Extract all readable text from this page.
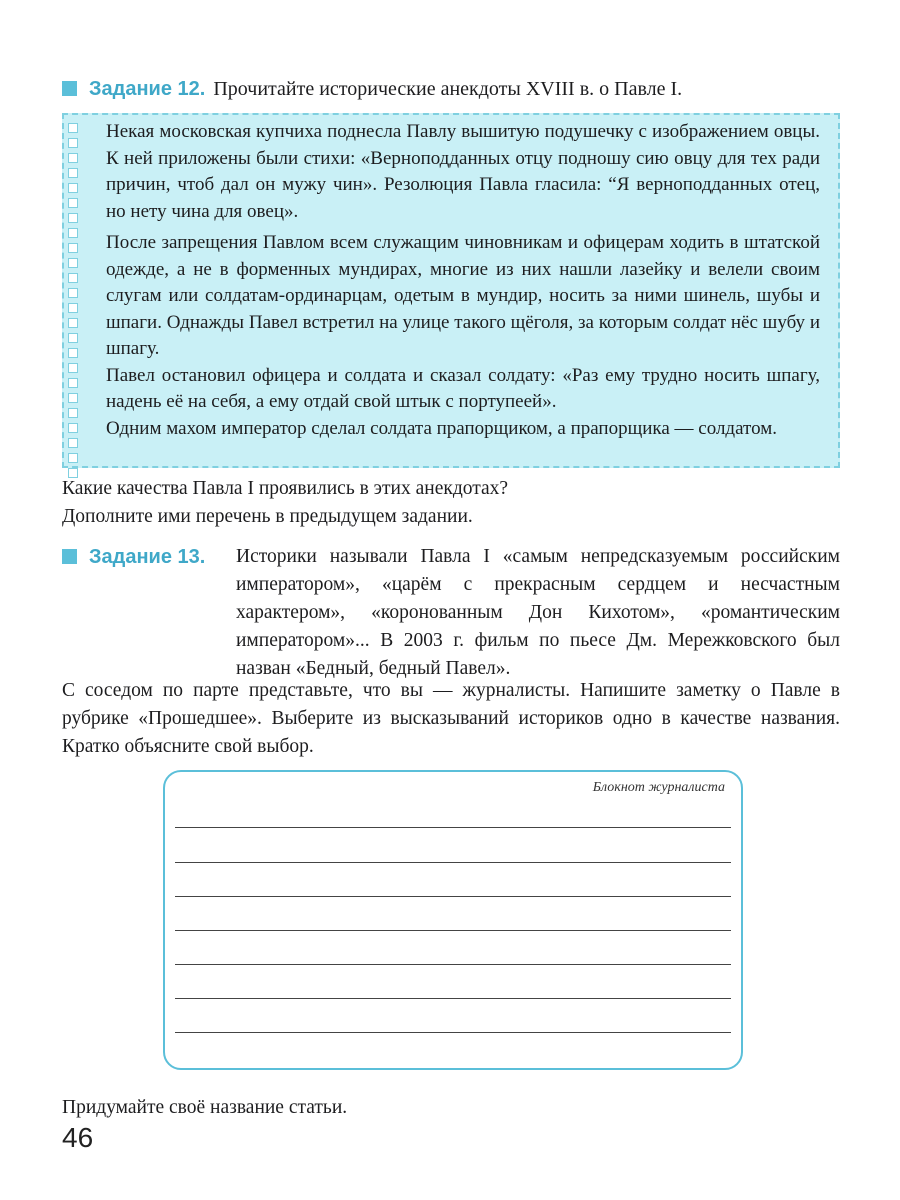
Задание 12. Прочитайте исторические анекдоты XVIII в. о Павле I.

Некая московская купчиха поднесла Павлу вышитую подушечку с изображением овцы. К ней приложены были стихи: «Верноподданных отцу подношу сию овцу для тех ради причин, чтоб дал он мужу чин». Резолюция Павла гласила: “Я верноподданных отец, но нету чина для овец».

После запрещения Павлом всем служащим чиновникам и офицерам ходить в штатской одежде, а не в форменных мундирах, многие из них нашли лазейку и велели своим слугам или солдатам-ординарцам, одетым в мундир, носить за ними шинель, шубы и шпаги. Однажды Павел встретил на улице такого щёголя, за которым солдат нёс шубу и шпагу.

Павел остановил офицера и солдата и сказал солдату: «Раз ему трудно носить шпагу, надень её на себя, а ему отдай свой штык с портупеей».

Одним махом император сделал солдата прапорщиком, а прапорщика — солдатом.

Какие качества Павла I проявились в этих анекдотах?
Дополните ими перечень в предыдущем задании.
Задание 13. Историки называли Павла I «самым непредсказуемым российским императором», «царём с прекрасным сердцем и несчастным характером», «коронованным Дон Кихотом», «романтическим императором»... В 2003 г. фильм по пьесе Дм. Мережковского был назван «Бедный, бедный Павел».
С соседом по парте представьте, что вы — журналисты. Напишите заметку о Павле в рубрике «Прошедшее». Выберите из высказываний историков одно в качестве названия. Кратко объясните свой выбор.
Блокнот журналиста
Придумайте своё название статьи.
46
